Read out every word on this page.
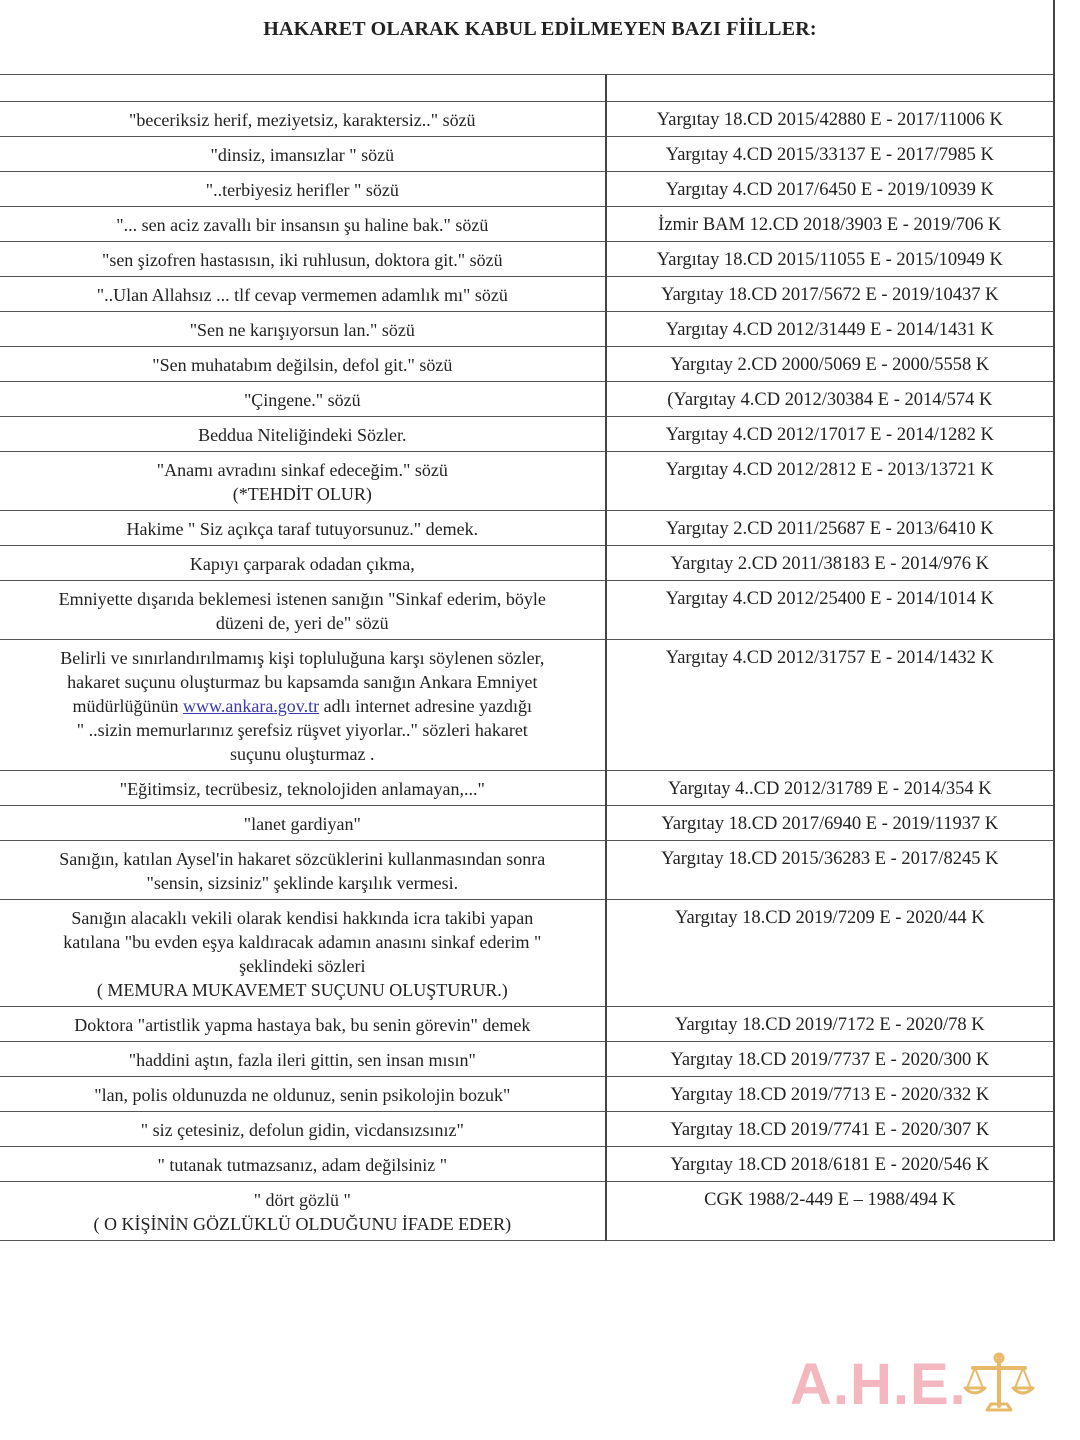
HAKARET OLARAK KABUL EDİLMEYEN BAZI FİİLLER:

"beceriksiz herif, meziyetsiz, karaktersiz.." sözü	Yargıtay 18.CD 2015/42880 E - 2017/11006 K

"dinsiz, imansızlar " sözü	Yargıtay 4.CD 2015/33137 E - 2017/7985 K

"..terbiyesiz herifler " sözü	Yargıtay 4.CD 2017/6450 E - 2019/10939 K

"... sen aciz zavallı bir insansın şu haline bak." sözü	İzmir BAM 12.CD 2018/3903 E - 2019/706 K

"sen şizofren hastasısın, iki ruhlusun, doktora git." sözü	Yargıtay 18.CD 2015/11055 E - 2015/10949 K

"..Ulan Allahsız ... tlf cevap vermemen adamlık mı" sözü	Yargıtay 18.CD 2017/5672 E - 2019/10437 K

"Sen ne karışıyorsun lan." sözü	Yargıtay 4.CD 2012/31449 E - 2014/1431 K

"Sen muhatabım değilsin, defol git." sözü	Yargıtay 2.CD 2000/5069 E - 2000/5558 K

"Çingene." sözü	(Yargıtay 4.CD 2012/30384 E - 2014/574 K

Beddua Niteliğindeki Sözler.	Yargıtay 4.CD 2012/17017 E - 2014/1282 K

"Anamı avradını sinkaf edeceğim." sözü
(*TEHDİT OLUR)	Yargıtay 4.CD 2012/2812 E - 2013/13721 K

Hakime " Siz açıkça taraf tutuyorsunuz." demek.	Yargıtay 2.CD 2011/25687 E - 2013/6410 K

Kapıyı çarparak odadan çıkma,	Yargıtay 2.CD 2011/38183 E - 2014/976 K

Emniyette dışarıda beklemesi istenen sanığın "Sinkaf ederim, böyle
düzeni de, yeri de" sözü	Yargıtay 4.CD 2012/25400 E - 2014/1014 K

Belirli ve sınırlandırılmamış kişi topluluğuna karşı söylenen sözler,
hakaret suçunu oluşturmaz bu kapsamda sanığın Ankara Emniyet
müdürlüğünün www.ankara.gov.tr adlı internet adresine yazdığı
" ..sizin memurlarınız şerefsiz rüşvet yiyorlar.." sözleri hakaret
suçunu oluşturmaz .	Yargıtay 4.CD 2012/31757 E - 2014/1432 K

"Eğitimsiz, tecrübesiz, teknolojiden anlamayan,..."	Yargıtay 4..CD 2012/31789 E - 2014/354 K

"lanet gardiyan"	Yargıtay 18.CD 2017/6940 E - 2019/11937 K

Sanığın, katılan Aysel'in hakaret sözcüklerini kullanmasından sonra
"sensin, sizsiniz" şeklinde karşılık vermesi.	Yargıtay 18.CD 2015/36283 E - 2017/8245 K

Sanığın alacaklı vekili olarak kendisi hakkında icra takibi yapan
katılana "bu evden eşya kaldıracak adamın anasını sinkaf ederim "
şeklindeki sözleri
( MEMURA MUKAVEMET SUÇUNU OLUŞTURUR.)	Yargıtay 18.CD 2019/7209 E - 2020/44 K

Doktora "artistlik yapma hastaya bak, bu senin görevin" demek	Yargıtay 18.CD 2019/7172 E - 2020/78 K

"haddini aştın, fazla ileri gittin, sen insan mısın"	Yargıtay 18.CD 2019/7737 E - 2020/300 K

"lan, polis oldunuzda ne oldunuz, senin psikolojin bozuk"	Yargıtay 18.CD 2019/7713 E - 2020/332 K

" siz çetesiniz, defolun gidin, vicdansızsınız"	Yargıtay 18.CD 2019/7741 E - 2020/307 K

" tutanak tutmazsanız, adam değilsiniz "	Yargıtay 18.CD 2018/6181 E - 2020/546 K

" dört gözlü "
( O KİŞİNİN GÖZLÜKLÜ OLDUĞUNU İFADE EDER)	CGK 1988/2-449 E – 1988/494 K
A.H.E.
